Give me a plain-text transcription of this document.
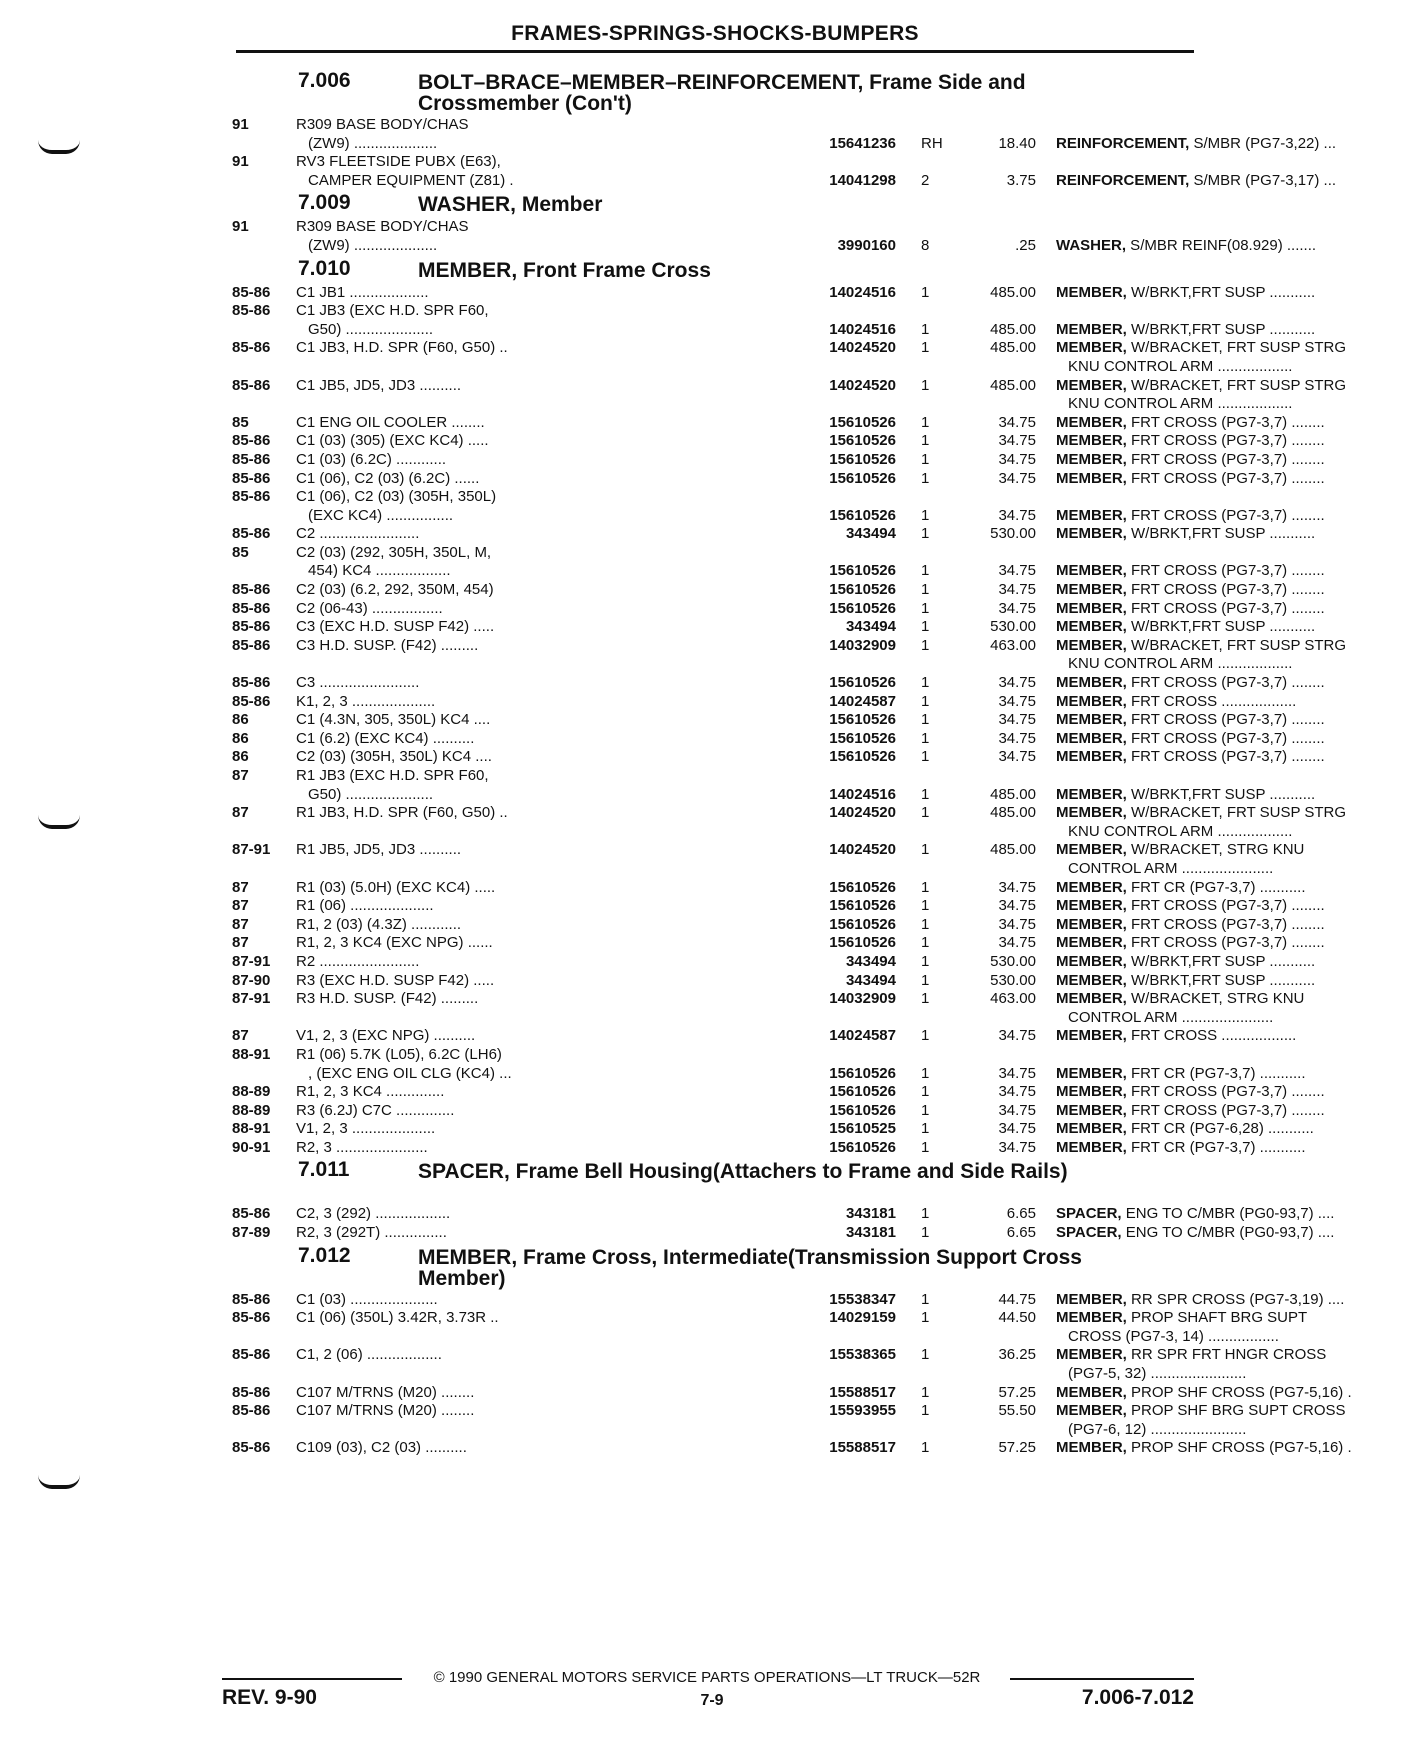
FRAMES-SPRINGS-SHOCKS-BUMPERS
7.006	BOLT–BRACE–MEMBER–REINFORCEMENT, Frame Side and Crossmember (Con't)
91	R309 BASE BODY/CHAS
(ZW9) ....................	15641236 RH	18.40 REINFORCEMENT, S/MBR (PG7-3,22) ...
91	RV3 FLEETSIDE PUBX (E63),
CAMPER EQUIPMENT (Z81) .	14041298 2	3.75 REINFORCEMENT, S/MBR (PG7-3,17) ...
7.009	WASHER, Member
91	R309 BASE BODY/CHAS
(ZW9) ....................	3990160 8	.25 WASHER, S/MBR REINF(08.929) .......
7.010	MEMBER, Front Frame Cross
85-86	C1 JB1 ...................	14024516 1	485.00 MEMBER, W/BRKT,FRT SUSP ...........
85-86	C1 JB3 (EXC H.D. SPR F60,
G50) .....................	14024516 1	485.00 MEMBER, W/BRKT,FRT SUSP ...........
85-86	C1 JB3, H.D. SPR (F60, G50) ..	14024520 1	485.00 MEMBER, W/BRACKET, FRT SUSP STRG
KNU CONTROL ARM ..................
85-86	C1 JB5, JD5, JD3 ..........	14024520 1	485.00 MEMBER, W/BRACKET, FRT SUSP STRG
KNU CONTROL ARM ..................
85	C1 ENG OIL COOLER ........	15610526 1	34.75 MEMBER, FRT CROSS (PG7-3,7) ........
85-86	C1 (03) (305) (EXC KC4) .....	15610526 1	34.75 MEMBER, FRT CROSS (PG7-3,7) ........
85-86	C1 (03) (6.2C) ............	15610526 1	34.75 MEMBER, FRT CROSS (PG7-3,7) ........
85-86	C1 (06), C2 (03) (6.2C) ......	15610526 1	34.75 MEMBER, FRT CROSS (PG7-3,7) ........
85-86	C1 (06), C2 (03) (305H, 350L)
(EXC KC4) ................	15610526 1	34.75 MEMBER, FRT CROSS (PG7-3,7) ........
85-86	C2 ........................	343494 1	530.00 MEMBER, W/BRKT,FRT SUSP ...........
85	C2 (03) (292, 305H, 350L, M,
454) KC4 ..................	15610526 1	34.75 MEMBER, FRT CROSS (PG7-3,7) ........
85-86	C2 (03) (6.2, 292, 350M, 454)	15610526 1	34.75 MEMBER, FRT CROSS (PG7-3,7) ........
85-86	C2 (06-43) .................	15610526 1	34.75 MEMBER, FRT CROSS (PG7-3,7) ........
85-86	C3 (EXC H.D. SUSP F42) .....	343494 1	530.00 MEMBER, W/BRKT,FRT SUSP ...........
85-86	C3 H.D. SUSP. (F42) .........	14032909 1	463.00 MEMBER, W/BRACKET, FRT SUSP STRG
KNU CONTROL ARM ..................
85-86	C3 ........................	15610526 1	34.75 MEMBER, FRT CROSS (PG7-3,7) ........
85-86	K1, 2, 3 ....................	14024587 1	34.75 MEMBER, FRT CROSS ..................
86	C1 (4.3N, 305, 350L) KC4 ....	15610526 1	34.75 MEMBER, FRT CROSS (PG7-3,7) ........
86	C1 (6.2) (EXC KC4) ..........	15610526 1	34.75 MEMBER, FRT CROSS (PG7-3,7) ........
86	C2 (03) (305H, 350L) KC4 ....	15610526 1	34.75 MEMBER, FRT CROSS (PG7-3,7) ........
87	R1 JB3 (EXC H.D. SPR F60,
G50) .....................	14024516 1	485.00 MEMBER, W/BRKT,FRT SUSP ...........
87	R1 JB3, H.D. SPR (F60, G50) ..	14024520 1	485.00 MEMBER, W/BRACKET, FRT SUSP STRG
KNU CONTROL ARM ..................
87-91	R1 JB5, JD5, JD3 ..........	14024520 1	485.00 MEMBER, W/BRACKET, STRG KNU
CONTROL ARM ......................
87	R1 (03) (5.0H) (EXC KC4) .....	15610526 1	34.75 MEMBER, FRT CR (PG7-3,7) ...........
87	R1 (06) ....................	15610526 1	34.75 MEMBER, FRT CROSS (PG7-3,7) ........
87	R1, 2 (03) (4.3Z) ............	15610526 1	34.75 MEMBER, FRT CROSS (PG7-3,7) ........
87	R1, 2, 3 KC4 (EXC NPG) ......	15610526 1	34.75 MEMBER, FRT CROSS (PG7-3,7) ........
87-91	R2 ........................	343494 1	530.00 MEMBER, W/BRKT,FRT SUSP ...........
87-90	R3 (EXC H.D. SUSP F42) .....	343494 1	530.00 MEMBER, W/BRKT,FRT SUSP ...........
87-91	R3 H.D. SUSP. (F42) .........	14032909 1	463.00 MEMBER, W/BRACKET, STRG KNU
CONTROL ARM ......................
87	V1, 2, 3 (EXC NPG) ..........	14024587 1	34.75 MEMBER, FRT CROSS ..................
88-91	R1 (06) 5.7K (L05), 6.2C (LH6)
, (EXC ENG OIL CLG (KC4) ...	15610526 1	34.75 MEMBER, FRT CR (PG7-3,7) ...........
88-89	R1, 2, 3 KC4 ..............	15610526 1	34.75 MEMBER, FRT CROSS (PG7-3,7) ........
88-89	R3 (6.2J) C7C ..............	15610526 1	34.75 MEMBER, FRT CROSS (PG7-3,7) ........
88-91	V1, 2, 3 ....................	15610525 1	34.75 MEMBER, FRT CR (PG7-6,28) ...........
90-91	R2, 3 ......................	15610526 1	34.75 MEMBER, FRT CR (PG7-3,7) ...........
7.011	SPACER, Frame Bell Housing(Attachers to Frame and Side Rails)
85-86	C2, 3 (292) ..................	343181 1	6.65 SPACER, ENG TO C/MBR (PG0-93,7) ....
87-89	R2, 3 (292T) ...............	343181 1	6.65 SPACER, ENG TO C/MBR (PG0-93,7) ....
7.012	MEMBER, Frame Cross, Intermediate(Transmission Support Cross Member)
85-86	C1 (03) .....................	15538347 1	44.75 MEMBER, RR SPR CROSS (PG7-3,19) ....
85-86	C1 (06) (350L) 3.42R, 3.73R ..	14029159 1	44.50 MEMBER, PROP SHAFT BRG SUPT
CROSS (PG7-3, 14) .................
85-86	C1, 2 (06) ..................	15538365 1	36.25 MEMBER, RR SPR FRT HNGR CROSS
(PG7-5, 32) .......................
85-86	C107 M/TRNS (M20) ........	15588517 1	57.25 MEMBER, PROP SHF CROSS (PG7-5,16) .
85-86	C107 M/TRNS (M20) ........	15593955 1	55.50 MEMBER, PROP SHF BRG SUPT CROSS
(PG7-6, 12) .......................
85-86	C109 (03), C2 (03) ..........	15588517 1	57.25 MEMBER, PROP SHF CROSS (PG7-5,16) .
© 1990 GENERAL MOTORS SERVICE PARTS OPERATIONS—LT TRUCK—52R
REV. 9-90	7-9	7.006-7.012
